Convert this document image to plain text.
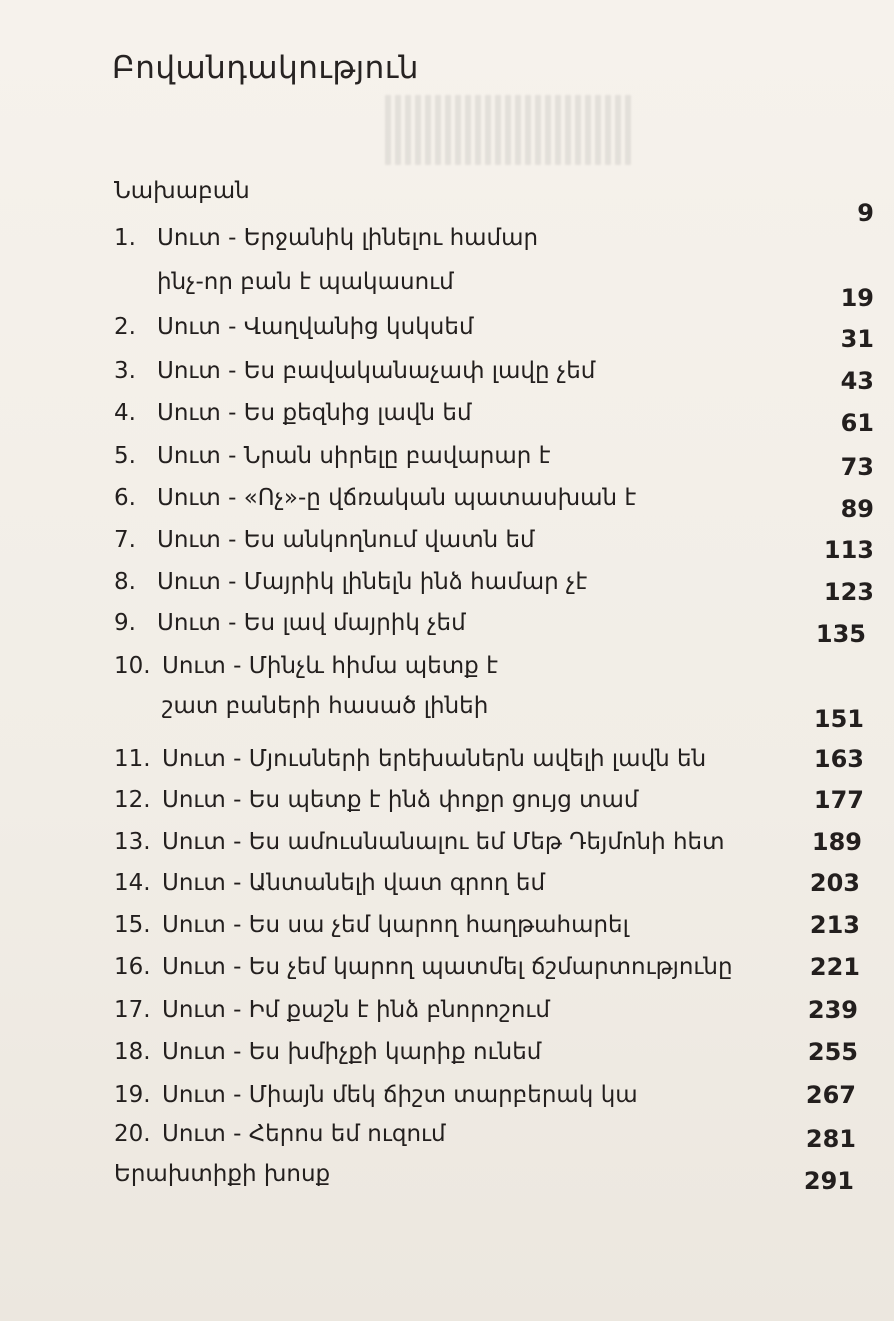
Բովանդակություն
Նախաբան
9
1. Սուտ - Երջանիկ լինելու համար
ինչ-որ բան է պակասում
19
2. Սուտ - Վաղվանից կսկսեմ	31
3. Սուտ - Ես բավականաչափ լավը չեմ	43
4. Սուտ - Ես քեզնից լավն եմ	61
5. Սուտ - Նրան սիրելը բավարար է	73
6. Սուտ - «Ոչ»-ը վճռական պատասխան է	89
7. Սուտ - Ես անկողնում վատն եմ	113
8. Սուտ - Մայրիկ լինելն ինձ համար չէ	123
9. Սուտ - Ես լավ մայրիկ չեմ	135
10. Սուտ - Մինչև հիմա պետք է
շատ բաների հասած լինեի	151
11. Սուտ - Մյուսների երեխաներն ավելի լավն են	163
12. Սուտ - Ես պետք է ինձ փոքր ցույց տամ	177
13. Սուտ - Ես ամուսնանալու եմ Մեթ Դեյմոնի հետ	189
14. Սուտ - Անտանելի վատ գրող եմ	203
15. Սուտ - Ես սա չեմ կարող հաղթահարել	213
16. Սուտ - Ես չեմ կարող պատմել ճշմարտությունը	221
17. Սուտ - Իմ քաշն է ինձ բնորոշում	239
18. Սուտ - Ես խմիչքի կարիք ունեմ	255
19. Սուտ - Միայն մեկ ճիշտ տարբերակ կա	267
20. Սուտ - Հերոս եմ ուզում	281
Երախտիքի խոսք	291
